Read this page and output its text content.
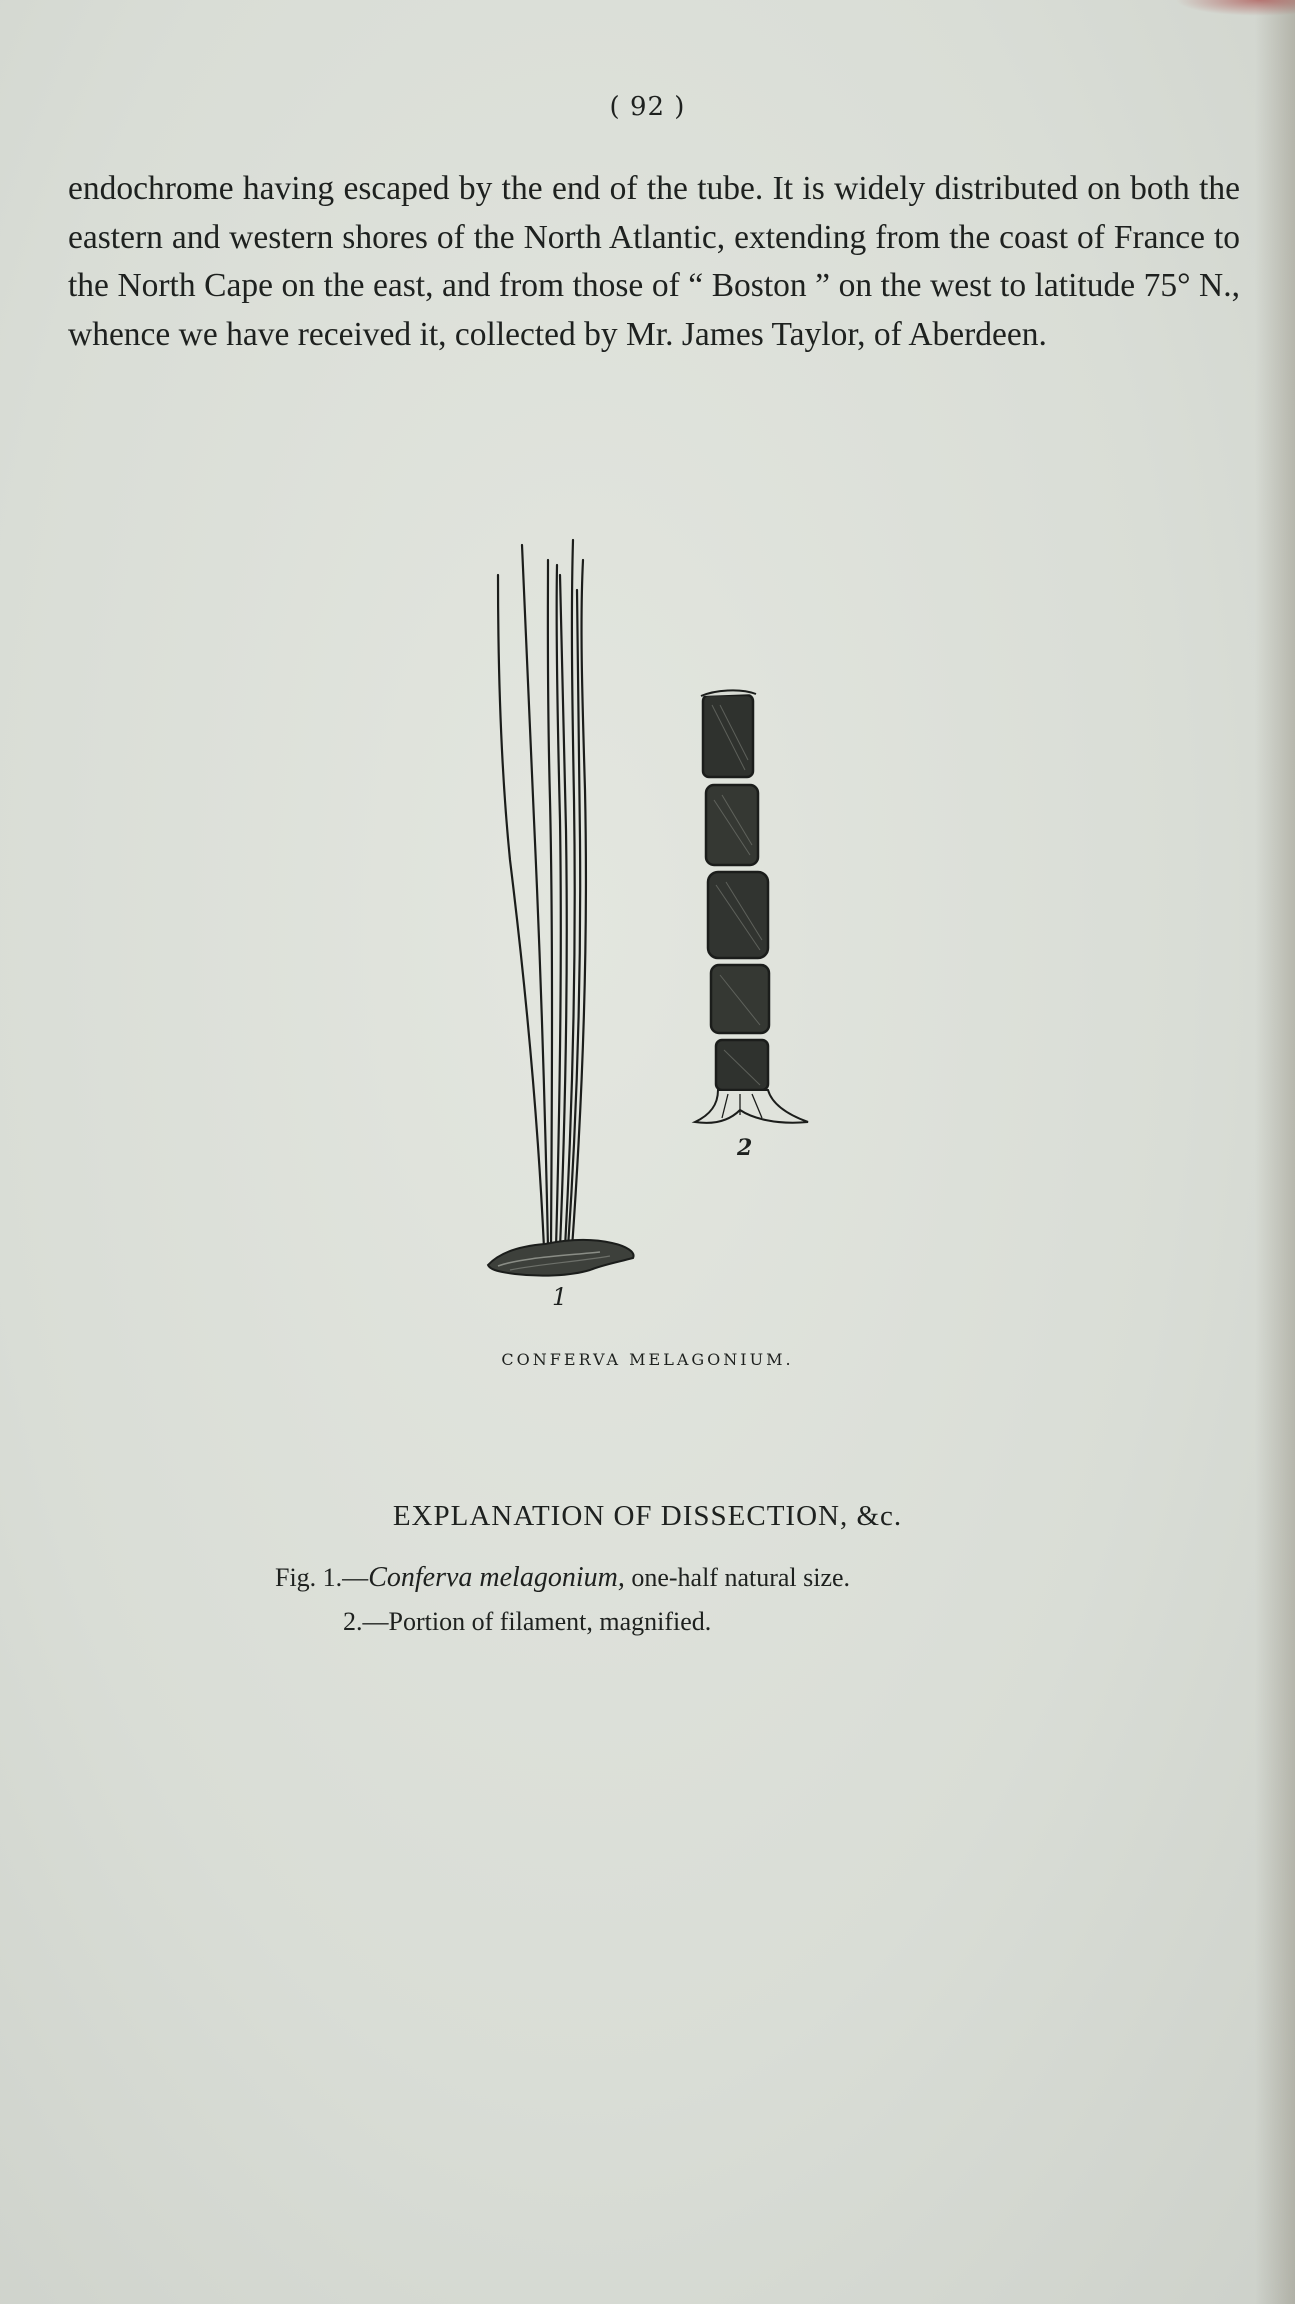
( 92 )

endochrome having escaped by the end of the tube. It is widely distributed on both the eastern and western shores of the North Atlantic, extending from the coast of France to the North Cape on the east, and from those of “ Boston ” on the west to latitude 75° N., whence we have received it, collected by Mr. James Taylor, of Aberdeen.

1
2
CONFERVA MELAGONIUM.
EXPLANATION OF DISSECTION, &c.
Fig. 1.—Conferva melagonium, one-half natural size.
2.—Portion of filament, magnified.
